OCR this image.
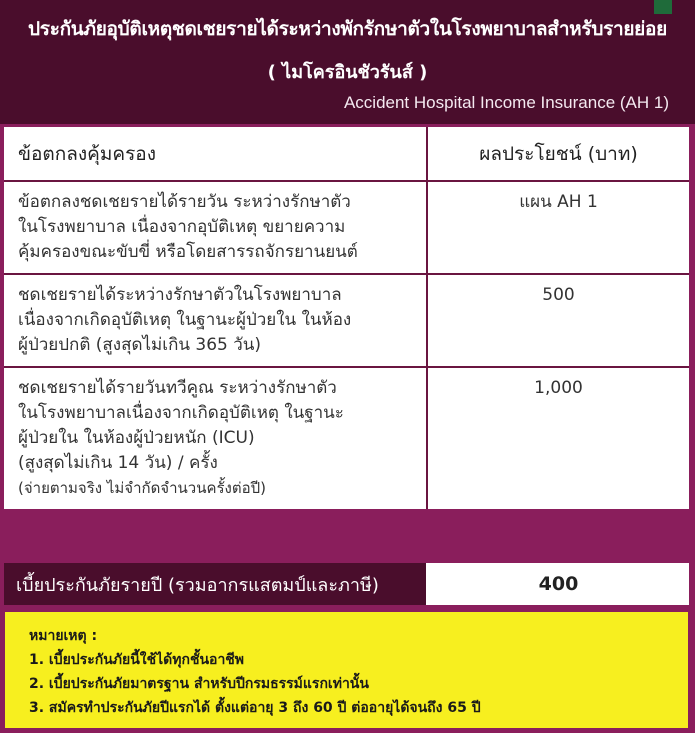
ประกันภัยอุบัติเหตุชดเชยรายได้ระหว่างพักรักษาตัวในโรงพยาบาลสำหรับรายย่อย
( ไมโครอินชัวรันส์ )
Accident Hospital Income Insurance (AH 1)
ข้อตกลงคุ้มครอง	ผลประโยชน์ (บาท)
ข้อตกลงชดเชยรายได้รายวัน ระหว่างรักษาตัว
ในโรงพยาบาล เนื่องจากอุบัติเหตุ ขยายความ
คุ้มครองขณะขับขี่ หรือโดยสารรถจักรยานยนต์
แผน AH 1
ชดเชยรายได้ระหว่างรักษาตัวในโรงพยาบาล
เนื่องจากเกิดอุบัติเหตุ ในฐานะผู้ป่วยใน ในห้อง
ผู้ป่วยปกติ (สูงสุดไม่เกิน 365 วัน)
500
ชดเชยรายได้รายวันทวีคูณ ระหว่างรักษาตัว
ในโรงพยาบาลเนื่องจากเกิดอุบัติเหตุ ในฐานะ
ผู้ป่วยใน ในห้องผู้ป่วยหนัก (ICU)
(สูงสุดไม่เกิน 14 วัน) / ครั้ง
(จ่ายตามจริง ไม่จำกัดจำนวนครั้งต่อปี)
1,000
เบี้ยประกันภัยรายปี (รวมอากรแสตมป์และภาษี)	400
หมายเหตุ :
1. เบี้ยประกันภัยนี้ใช้ได้ทุกชั้นอาชีพ
2. เบี้ยประกันภัยมาตรฐาน สำหรับปีกรมธรรม์แรกเท่านั้น
3. สมัครทำประกันภัยปีแรกได้ ตั้งแต่อายุ 3 ถึง 60 ปี ต่ออายุได้จนถึง 65 ปี
